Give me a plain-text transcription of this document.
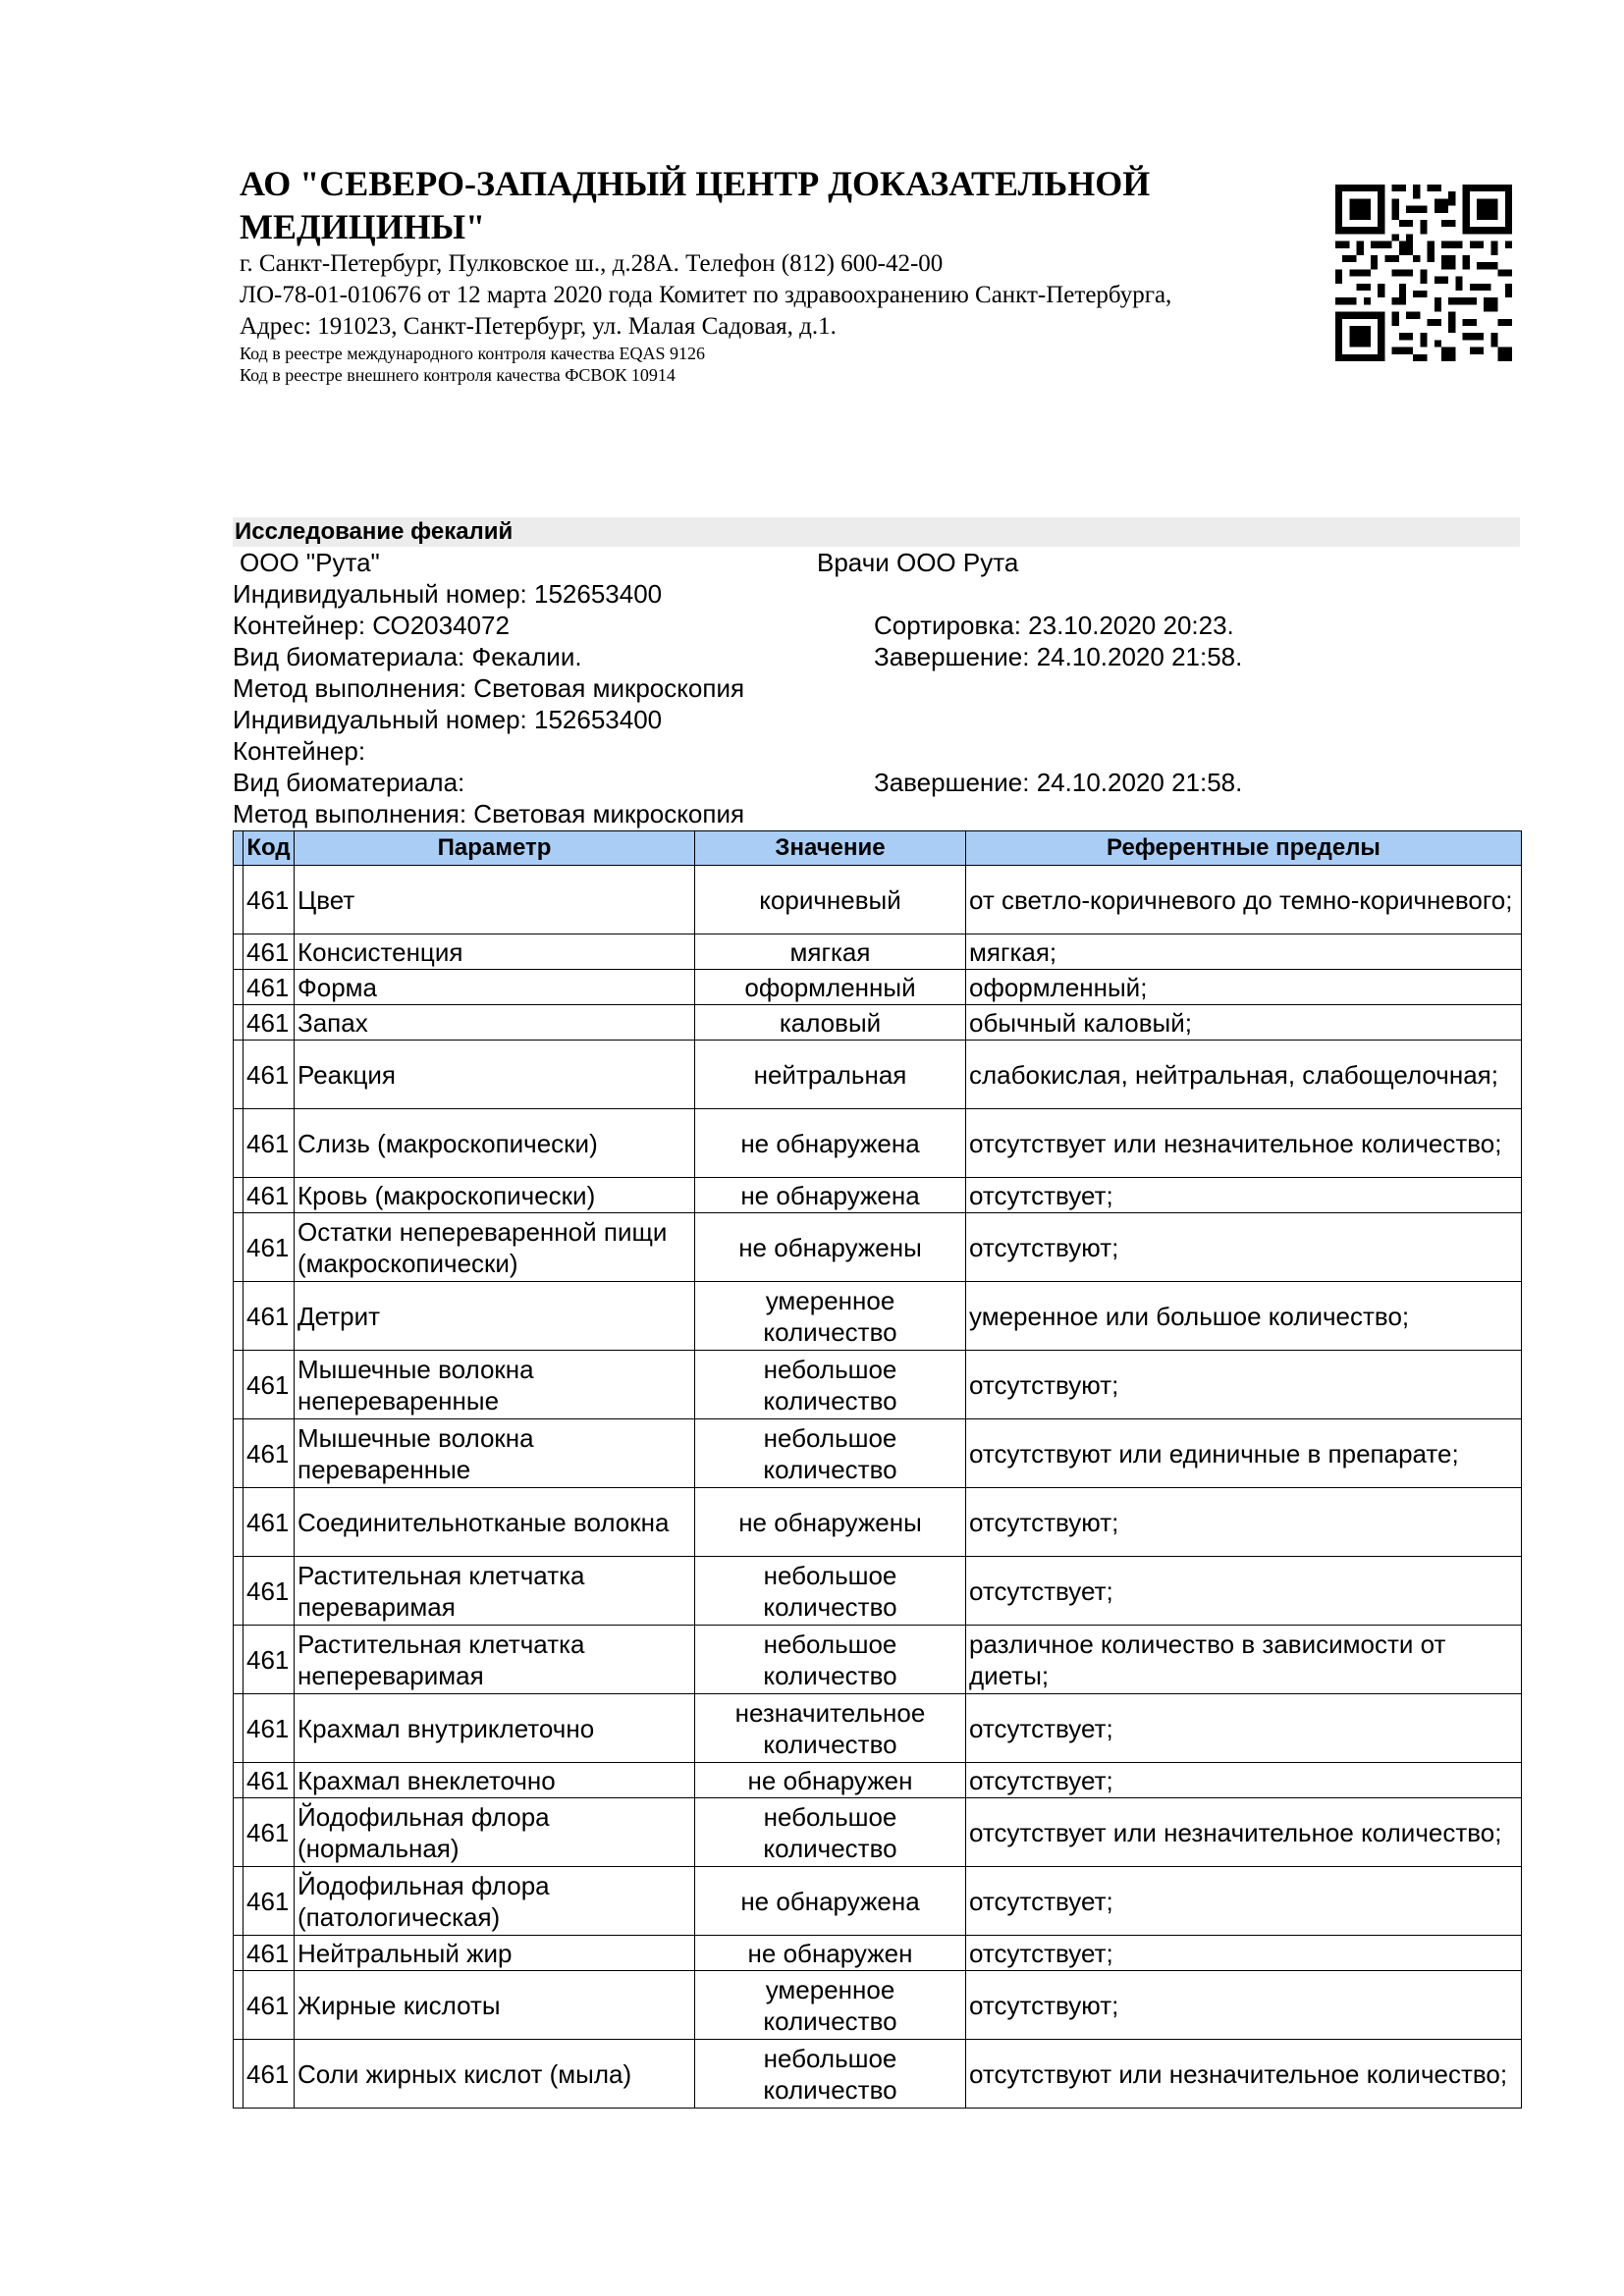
АО "СЕВЕРО-ЗАПАДНЫЙ ЦЕНТР ДОКАЗАТЕЛЬНОЙ
МЕДИЦИНЫ"
г. Санкт-Петербург, Пулковское ш., д.28А. Телефон (812) 600-42-00
ЛО-78-01-010676 от 12 марта 2020 года Комитет по здравоохранению Санкт-Петербурга,
Адрес: 191023, Санкт-Петербург, ул. Малая Садовая, д.1.
Код в реестре международного контроля качества EQAS 9126
Код в реестре внешнего контроля качества ФСВОК 10914
Исследование фекалий
ООО "Рута"	Врачи ООО Рута
Индивидуальный номер: 152653400
Контейнер: СО2034072	Сортировка: 23.10.2020 20:23.
Вид биоматериала: Фекалии.	Завершение: 24.10.2020 21:58.
Метод выполнения: Световая микроскопия
Индивидуальный номер: 152653400
Контейнер:
Вид биоматериала:	Завершение: 24.10.2020 21:58.
Метод выполнения: Световая микроскопия
	Код	Параметр	Значение	Референтные пределы
	461	Цвет	коричневый	от светло-коричневого до темно-коричневого;
	461	Консистенция	мягкая	мягкая;
	461	Форма	оформленный	оформленный;
	461	Запах	каловый	обычный каловый;
	461	Реакция	нейтральная	слабокислая, нейтральная, слабощелочная;
	461	Слизь (макроскопически)	не обнаружена	отсутствует или незначительное количество;
	461	Кровь (макроскопически)	не обнаружена	отсутствует;
	461	Остатки непереваренной пищи (макроскопически)	не обнаружены	отсутствуют;
	461	Детрит	умеренное количество	умеренное или большое количество;
	461	Мышечные волокна непереваренные	небольшое количество	отсутствуют;
	461	Мышечные волокна переваренные	небольшое количество	отсутствуют или единичные в препарате;
	461	Соединительнотканые волокна	не обнаружены	отсутствуют;
	461	Растительная клетчатка переваримая	небольшое количество	отсутствует;
	461	Растительная клетчатка непереваримая	небольшое количество	различное количество в зависимости от диеты;
	461	Крахмал внутриклеточно	незначительное количество	отсутствует;
	461	Крахмал внеклеточно	не обнаружен	отсутствует;
	461	Йодофильная флора (нормальная)	небольшое количество	отсутствует или незначительное количество;
	461	Йодофильная флора (патологическая)	не обнаружена	отсутствует;
	461	Нейтральный жир	не обнаружен	отсутствует;
	461	Жирные кислоты	умеренное количество	отсутствуют;
	461	Соли жирных кислот (мыла)	небольшое количество	отсутствуют или незначительное количество;
